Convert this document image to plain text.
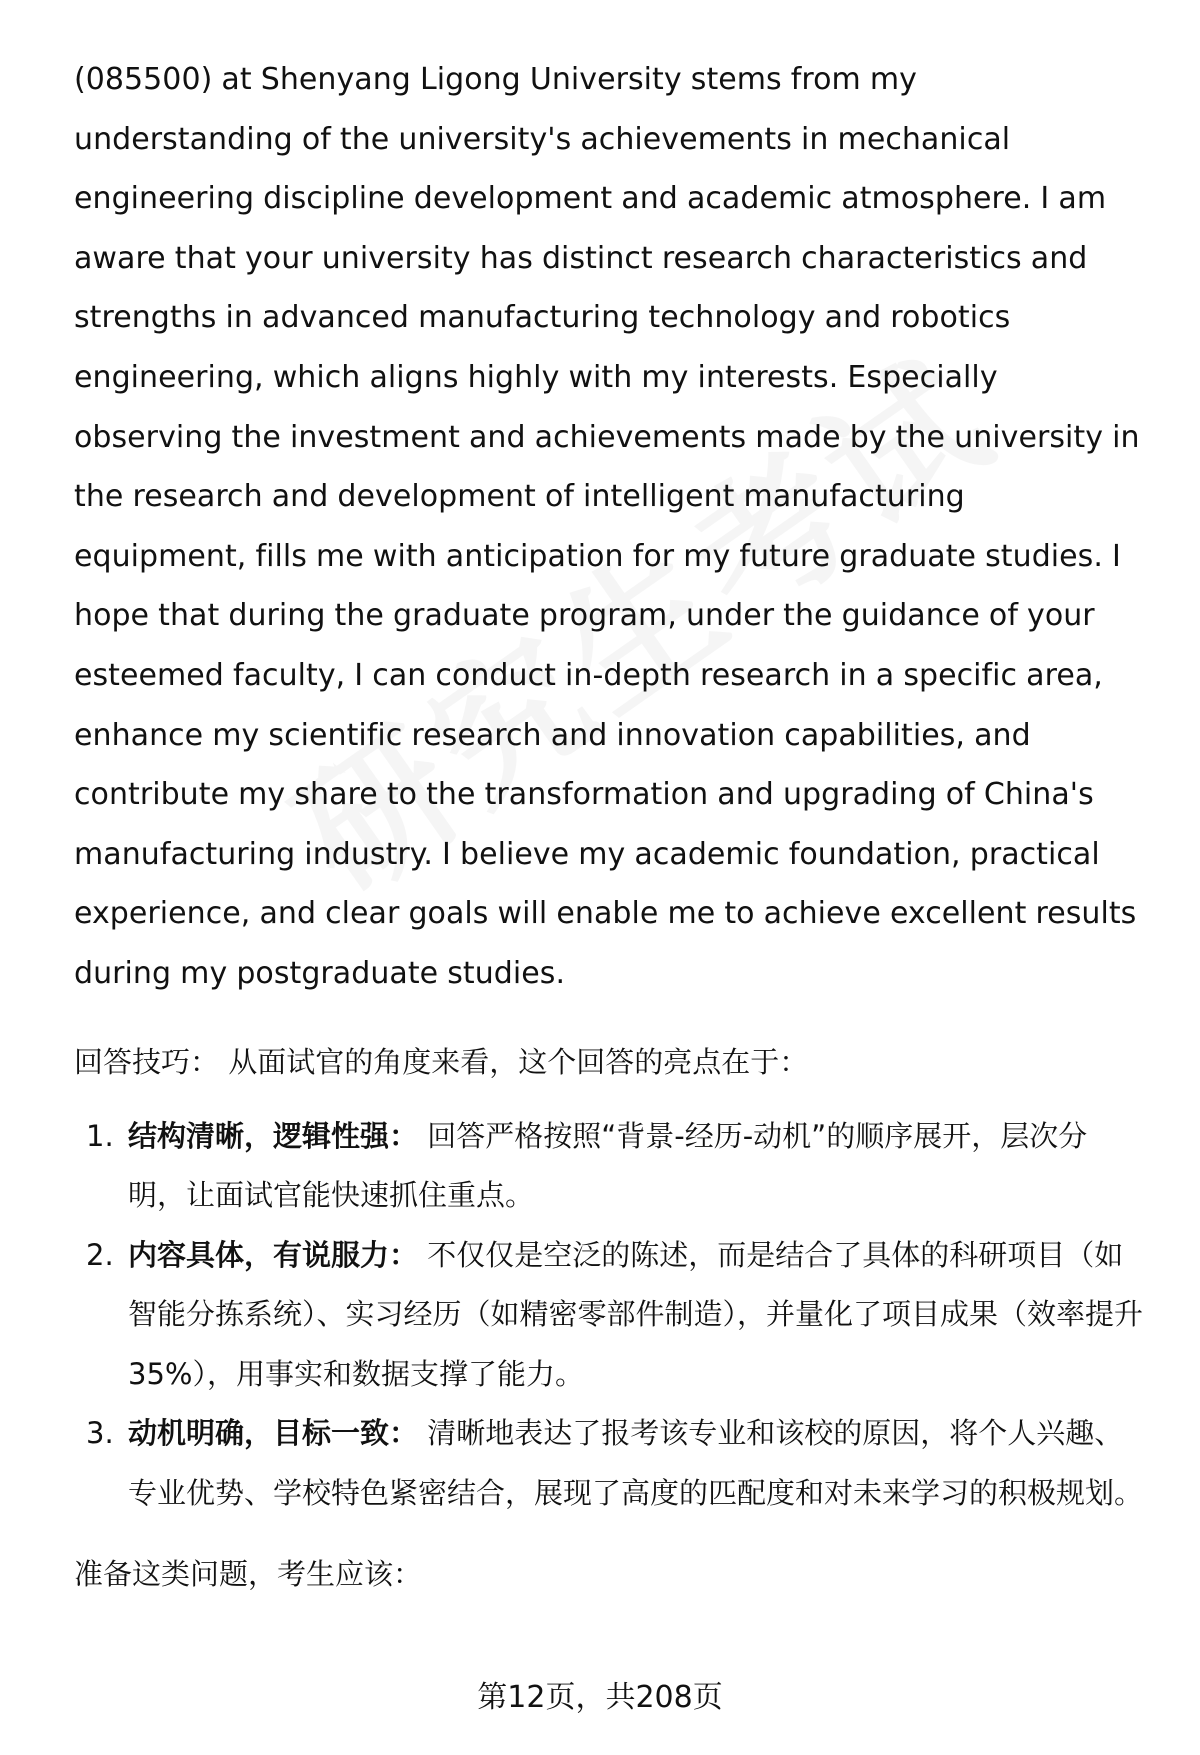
(085500) at Shenyang Ligong University stems from my understanding of the university's achievements in mechanical engineering discipline development and academic atmosphere. I am aware that your university has distinct research characteristics and strengths in advanced manufacturing technology and robotics engineering, which aligns highly with my interests. Especially observing the investment and achievements made by the university in the research and development of intelligent manufacturing equipment, fills me with anticipation for my future graduate studies. I hope that during the graduate program, under the guidance of your esteemed faculty, I can conduct in-depth research in a specific area, enhance my scientific research and innovation capabilities, and contribute my share to the transformation and upgrading of China's manufacturing industry. I believe my academic foundation, practical experience, and clear goals will enable me to achieve excellent results during my postgraduate studies.

回答技巧： 从面试官的角度来看，这个回答的亮点在于：
1. 结构清晰，逻辑性强： 回答严格按照“背景-经历-动机”的顺序展开，层次分明，让面试官能快速抓住重点。
2. 内容具体，有说服力： 不仅仅是空泛的陈述，而是结合了具体的科研项目（如智能分拣系统）、实习经历（如精密零部件制造），并量化了项目成果（效率提升35%），用事实和数据支撑了能力。
3. 动机明确，目标一致： 清晰地表达了报考该专业和该校的原因，将个人兴趣、专业优势、学校特色紧密结合，展现了高度的匹配度和对未来学习的积极规划。
准备这类问题，考生应该：
第12页，共208页
